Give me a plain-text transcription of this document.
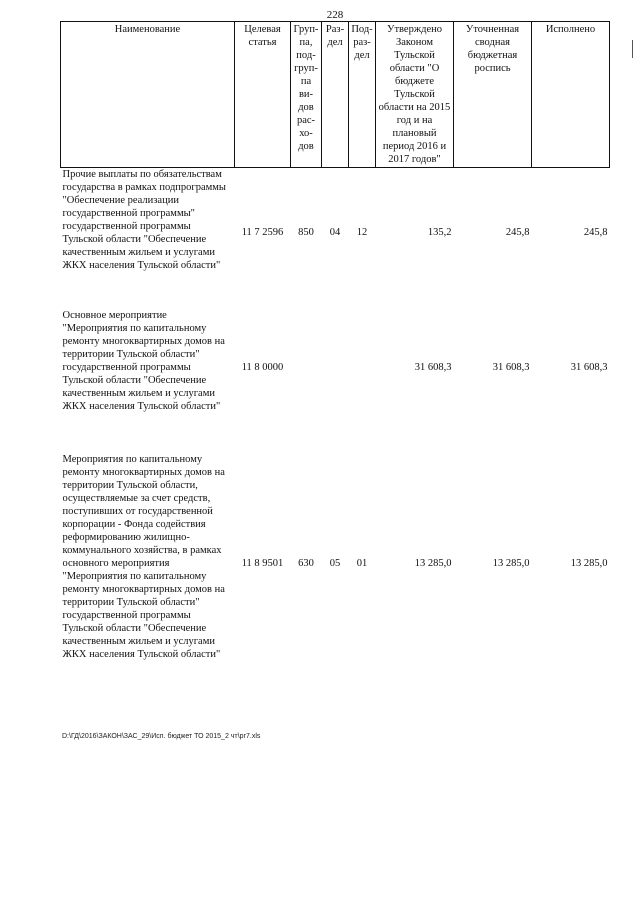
228
Наименование	Целевая статья	Груп-па, под-груп-па ви-дов рас-хо-дов	Раз-дел	Под-раз-дел	Утверждено Законом Тульской области "О бюджете Тульской области на 2015 год и на плановый период 2016 и 2017 годов"	Уточненная сводная бюджетная роспись	Исполнено
Прочие выплаты по обязательствам государства в рамках подпрограммы "Обеспечение реализации государственной программы" государственной программы Тульской области "Обеспечение качественным жильем и услугами ЖКХ населения Тульской области"	11 7 2596	850	04	12	135,2	245,8	245,8

Основное мероприятие "Мероприятия по капитальному ремонту многоквартирных домов на территории Тульской области" государственной программы Тульской области "Обеспечение качественным жильем и услугами ЖКХ населения Тульской области"	11 8 0000				31 608,3	31 608,3	31 608,3

Мероприятия по капитальному ремонту многоквартирных домов на территории Тульской области, осуществляемые за счет средств, поступивших от государственной корпорации - Фонда содействия реформированию жилищно-коммунального хозяйства, в рамках основного мероприятия "Мероприятия по капитальному ремонту многоквартирных домов на территории Тульской области" государственной программы Тульской области "Обеспечение качественным жильем и услугами ЖКХ населения Тульской области"	11 8 9501	630	05	01	13 285,0	13 285,0	13 285,0
D:\ГД\2016\ЗАКОН\ЗАС_29\Исп. бюджет ТО 2015_2 чт\рг7.xls
